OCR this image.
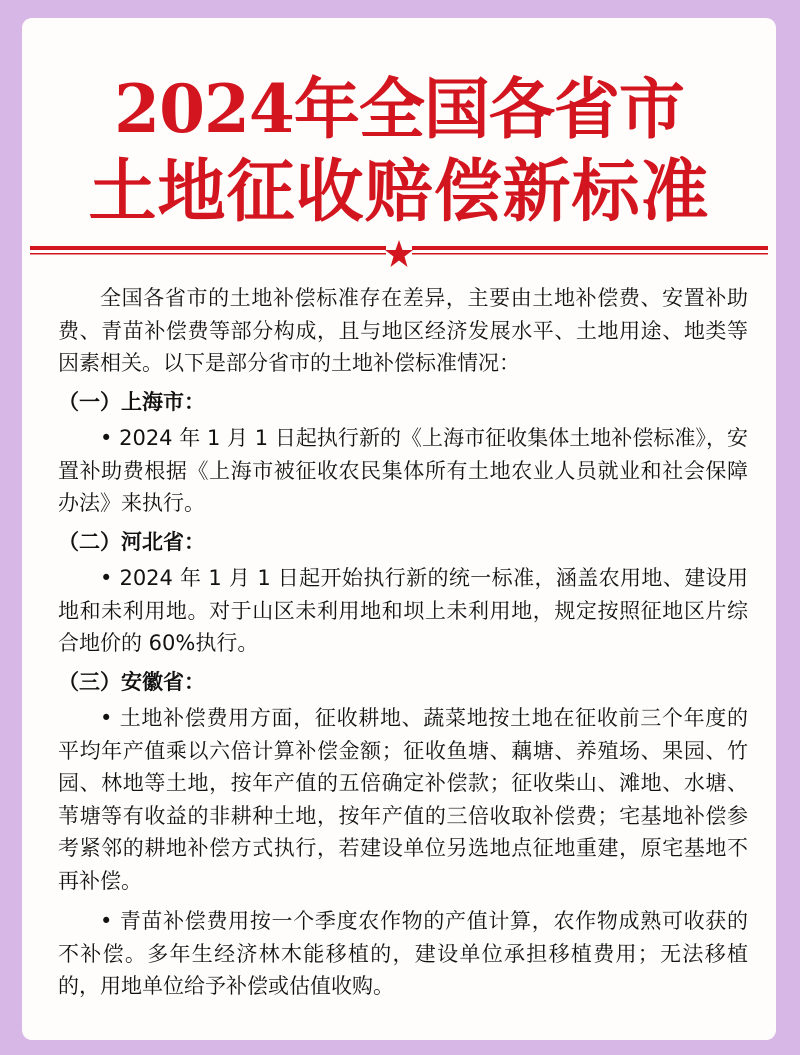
2024年全国各省市
土地征收赔偿新标准

全国各省市的土地补偿标准存在差异，主要由土地补偿费、安置补助费、青苗补偿费等部分构成，且与地区经济发展水平、土地用途、地类等因素相关。以下是部分省市的土地补偿标准情况：

（一）上海市：

• 2024 年 1 月 1 日起执行新的《上海市征收集体土地补偿标准》，安置补助费根据《上海市被征收农民集体所有土地农业人员就业和社会保障办法》来执行。

（二）河北省：

• 2024 年 1 月 1 日起开始执行新的统一标准，涵盖农用地、建设用地和未利用地。对于山区未利用地和坝上未利用地，规定按照征地区片综合地价的 60%执行。

（三）安徽省：

• 土地补偿费用方面，征收耕地、蔬菜地按土地在征收前三个年度的平均年产值乘以六倍计算补偿金额；征收鱼塘、藕塘、养殖场、果园、竹园、林地等土地，按年产值的五倍确定补偿款；征收柴山、滩地、水塘、苇塘等有收益的非耕种土地，按年产值的三倍收取补偿费；宅基地补偿参考紧邻的耕地补偿方式执行，若建设单位另选地点征地重建，原宅基地不再补偿。

• 青苗补偿费用按一个季度农作物的产值计算，农作物成熟可收获的不补偿。多年生经济林木能移植的，建设单位承担移植费用；无法移植的，用地单位给予补偿或估值收购。
